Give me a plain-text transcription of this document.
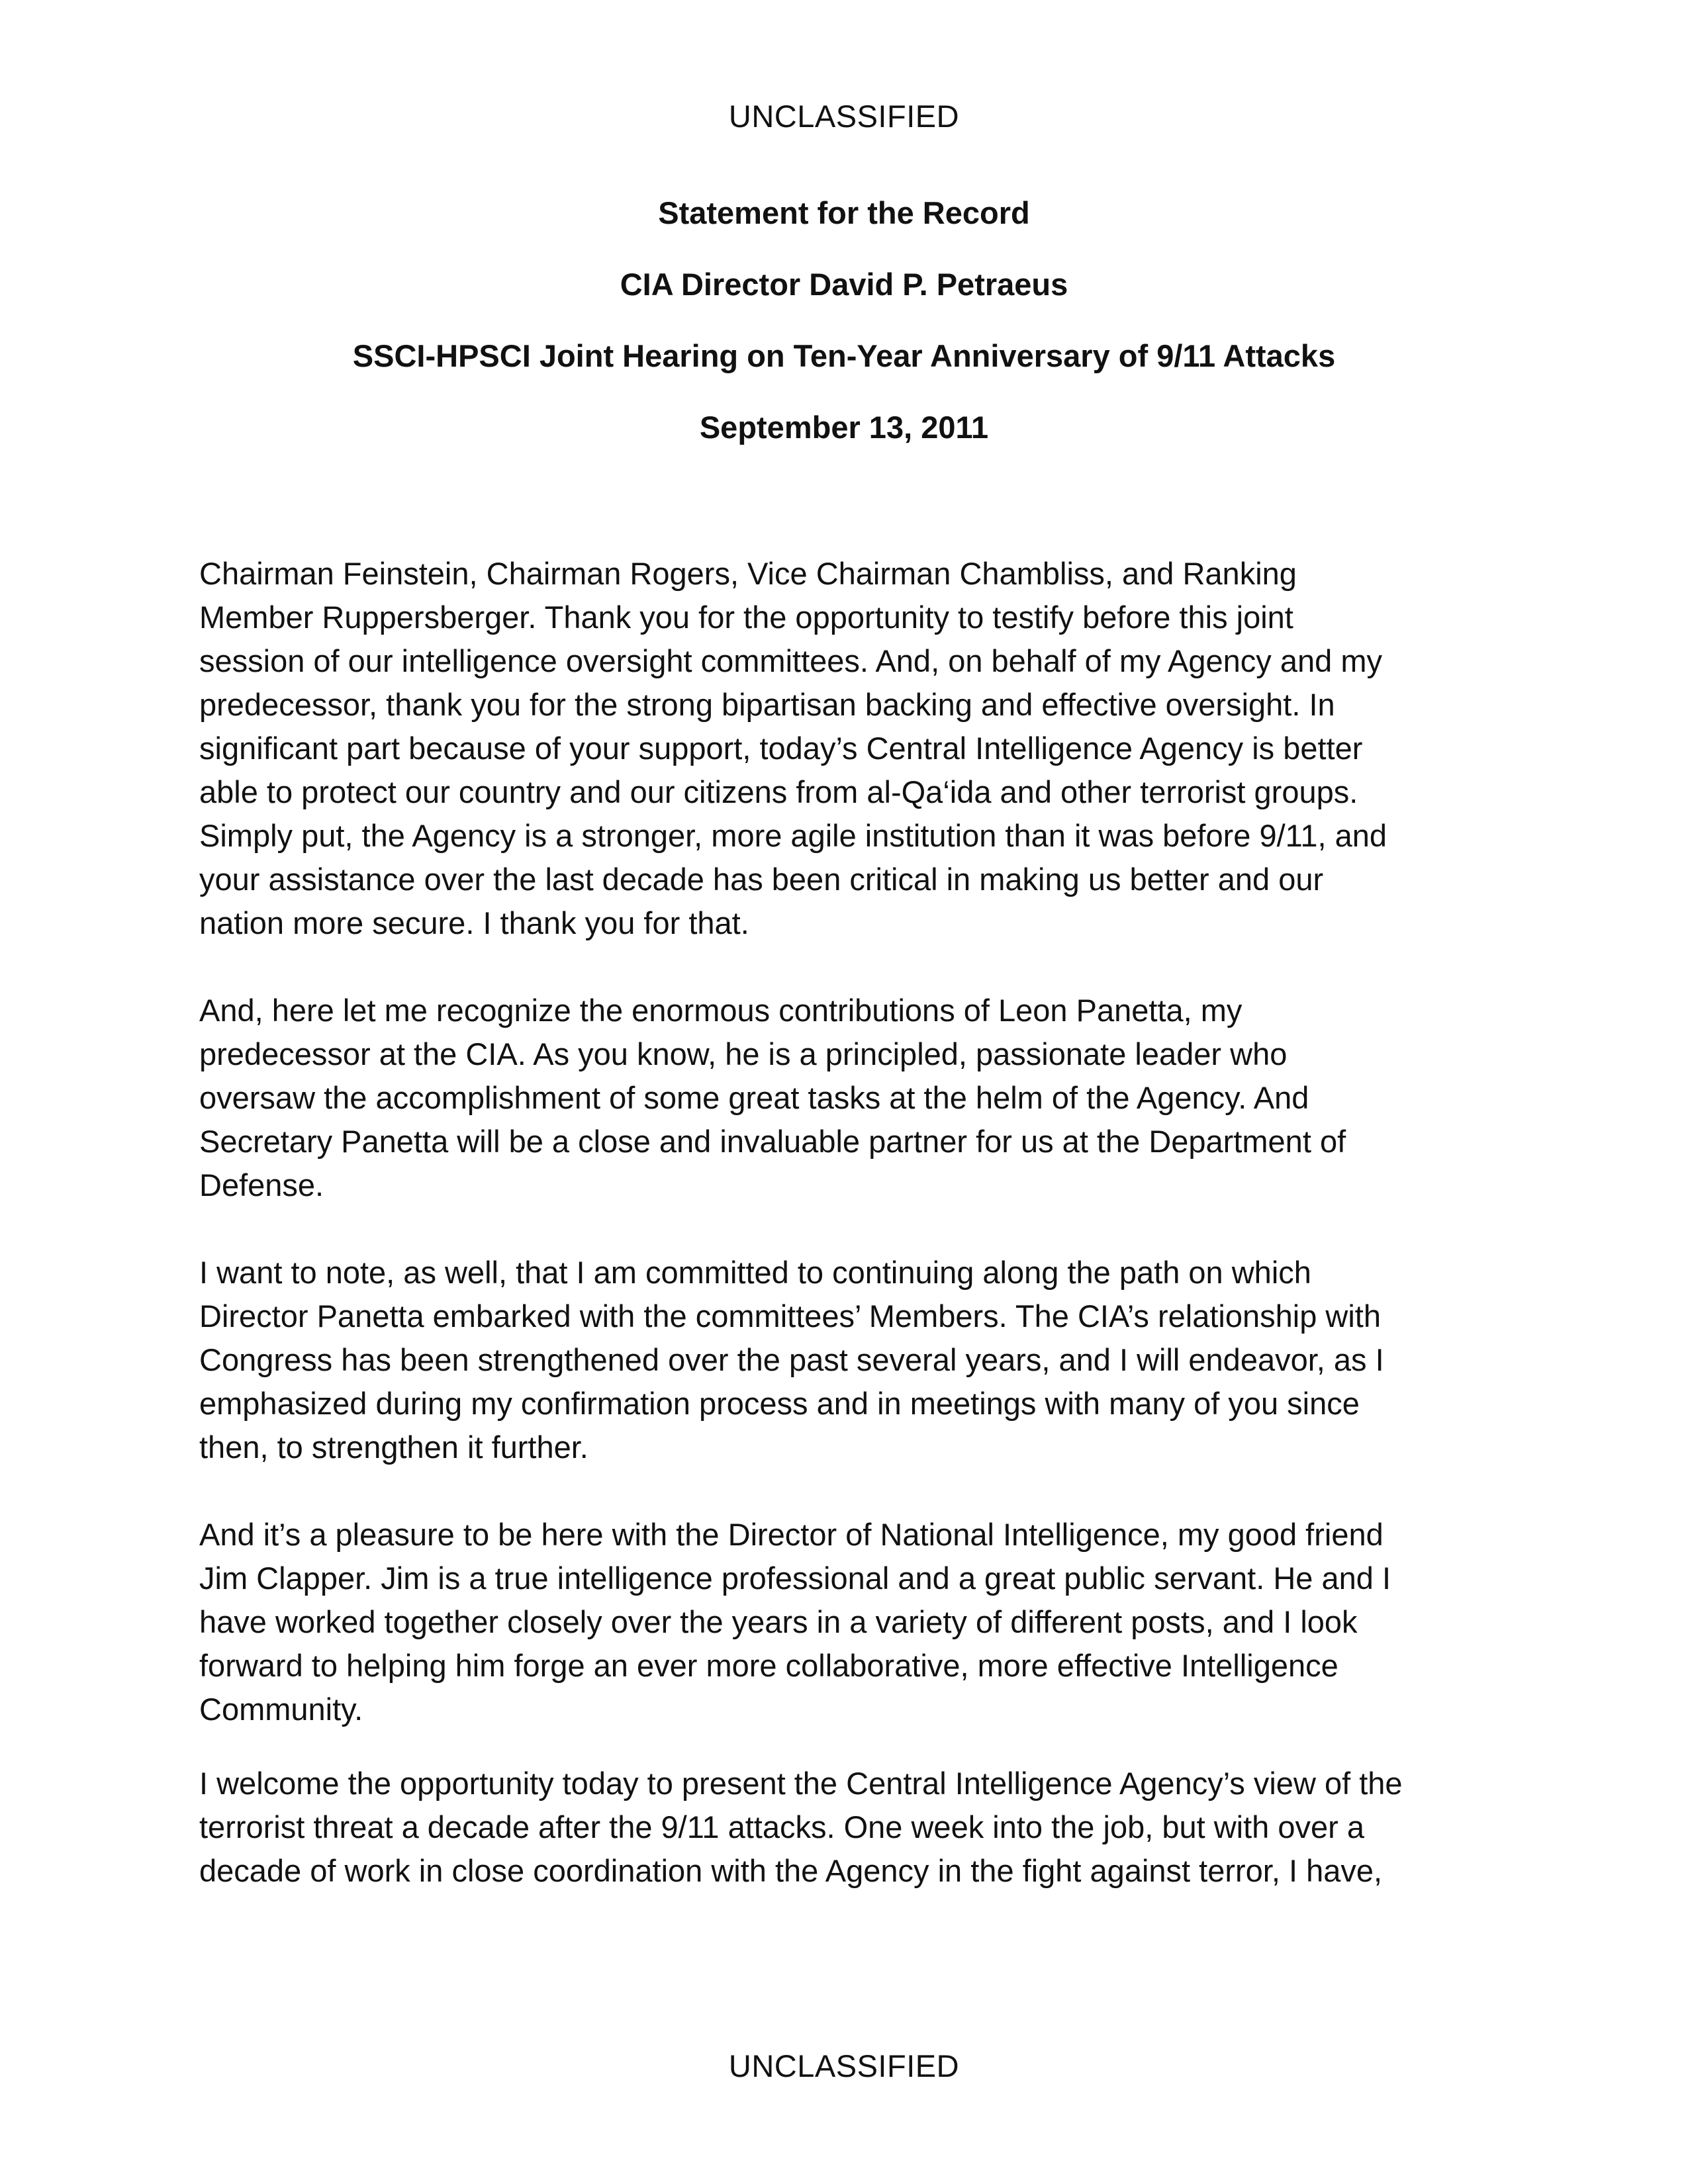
UNCLASSIFIED
Statement for the Record
CIA Director David P. Petraeus
SSCI-HPSCI Joint Hearing on Ten-Year Anniversary of 9/11 Attacks
September 13, 2011

Chairman Feinstein, Chairman Rogers, Vice Chairman Chambliss, and Ranking
Member Ruppersberger. Thank you for the opportunity to testify before this joint
session of our intelligence oversight committees. And, on behalf of my Agency and my
predecessor, thank you for the strong bipartisan backing and effective oversight. In
significant part because of your support, today’s Central Intelligence Agency is better
able to protect our country and our citizens from al-Qa‘ida and other terrorist groups.
Simply put, the Agency is a stronger, more agile institution than it was before 9/11, and
your assistance over the last decade has been critical in making us better and our
nation more secure. I thank you for that.

And, here let me recognize the enormous contributions of Leon Panetta, my
predecessor at the CIA. As you know, he is a principled, passionate leader who
oversaw the accomplishment of some great tasks at the helm of the Agency. And
Secretary Panetta will be a close and invaluable partner for us at the Department of
Defense.

I want to note, as well, that I am committed to continuing along the path on which
Director Panetta embarked with the committees’ Members. The CIA’s relationship with
Congress has been strengthened over the past several years, and I will endeavor, as I
emphasized during my confirmation process and in meetings with many of you since
then, to strengthen it further.

And it’s a pleasure to be here with the Director of National Intelligence, my good friend
Jim Clapper. Jim is a true intelligence professional and a great public servant. He and I
have worked together closely over the years in a variety of different posts, and I look
forward to helping him forge an ever more collaborative, more effective Intelligence
Community.

I welcome the opportunity today to present the Central Intelligence Agency’s view of the
terrorist threat a decade after the 9/11 attacks. One week into the job, but with over a
decade of work in close coordination with the Agency in the fight against terror, I have,

UNCLASSIFIED
